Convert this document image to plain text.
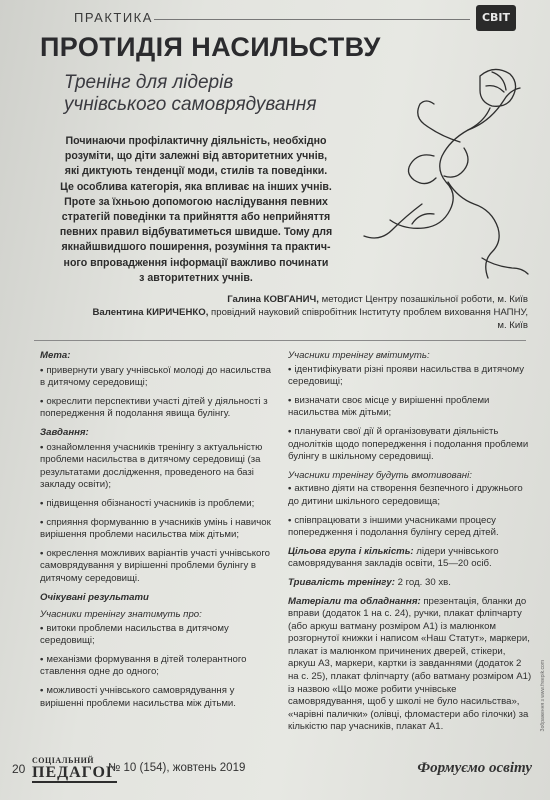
ПРАКТИКА	СВІТ
ПРОТИДІЯ НАСИЛЬСТВУ
Тренінг для лідерів
учнівського самоврядування

Починаючи профілактичну діяльність, необхідно

розуміти, що діти залежні від авторитетних учнів,

які диктують тенденції моди, стилів та поведінки.

Це особлива категорія, яка впливає на інших учнів.

Проте за їхньою допомогою наслідування певних

стратегій поведінки та прийняття або неприйняття

певних правил відбуватиметься швидше. Тому для

якнайшвидшого поширення, розуміння та практич-

ного впровадження інформації важливо починати

з авторитетних учнів.

Галина КОВГАНИЧ, методист Центру позашкільної роботи, м. Київ
Валентина КИРИЧЕНКО, провідний науковий співробітник Інституту проблем виховання НАПНУ,
м. Київ
Мета:
• привернути увагу учнівської молоді до насильства в дитячому середовищі;
• окреслити перспективи участі дітей у діяльності з попередження й подолання явища булінгу.
Завдання:
• ознайомлення учасників тренінгу з актуальністю проблеми насильства в дитячому середовищі (за результатами дослідження, проведеного на базі закладу освіти);
• підвищення обізнаності учасників із проблеми;
• сприяння формуванню в учасників умінь і навичок вирішення проблеми насильства між дітьми;
• окреслення можливих варіантів участі учнівського самоврядування у вирішенні проблеми булінгу в дитячому середовищі.
Очікувані результати
Учасники тренінгу знатимуть про:
• витоки проблеми насильства в дитячому середовищі;
• механізми формування в дітей толерантного ставлення одне до одного;
• можливості учнівського самоврядування у вирішенні проблеми насильства між дітьми.
Учасники тренінгу вмітимуть:
• ідентифікувати різні прояви насильства в дитячому середовищі;
• визначати своє місце у вирішенні проблеми насильства між дітьми;
• планувати свої дії й організовувати діяльність однолітків щодо попередження і подолання проблеми булінгу в шкільному середовищі.
Учасники тренінгу будуть вмотивовані:
• активно діяти на створення безпечного і дружнього до дитини шкільного середовища;
• співпрацювати з іншими учасниками процесу попередження і подолання булінгу серед дітей.
Цільова група і кількість: лідери учнівського самоврядування закладів освіти, 15—20 осіб.
Тривалість тренінгу: 2 год. 30 хв.
Матеріали та обладнання: презентація, бланки до вправи (додаток 1 на с. 24), ручки, плакат фліпчарту (або аркуш ватману розміром А1) із малюнком розгорнутої книжки і написом «Наш Статут», маркери, плакат із малюнком причинених дверей, стікери, аркуш А3, маркери, картки із завданнями (додаток 2 на с. 25), плакат фліпчарту (або ватману розміром А1) із назвою «Що може робити учнівське самоврядування, щоб у школі не було насильства», «чарівні палички» (олівці, фломастери або гілочки) за кількістю пар учасників, плакат А1.	Зображення з www.freepik.com
20
СОЦІАЛЬНИЙ
ПЕДАГОГ
№ 10 (154), жовтень 2019	Формуємо освіту
